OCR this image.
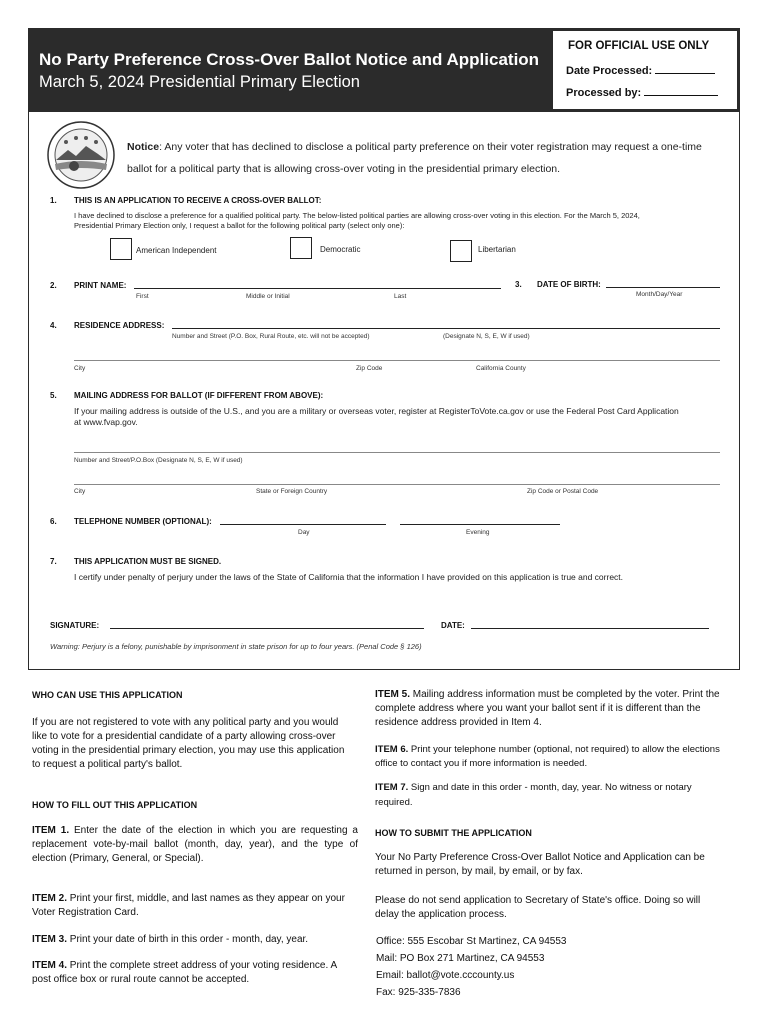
No Party Preference Cross-Over Ballot Notice and Application
March 5, 2024 Presidential Primary Election
FOR OFFICIAL USE ONLY
Date Processed:
Processed by:
Notice: Any voter that has declined to disclose a political party preference on their voter registration may request a one-time ballot for a political party that is allowing cross-over voting in the presidential primary election.
1. THIS IS AN APPLICATION TO RECEIVE A CROSS-OVER BALLOT:
I have declined to disclose a preference for a qualified political party. The below-listed political parties are allowing cross-over voting in this election. For the March 5, 2024, Presidential Primary Election only, I request a ballot for the following political party (select only one):
American Independent	Democratic	Libertarian
2. PRINT NAME:
First	Middle or Initial	Last
3. DATE OF BIRTH:
Month/Day/Year
4. RESIDENCE ADDRESS:
Number and Street (P.O. Box, Rural Route, etc. will not be accepted)	(Designate N, S, E, W if used)
City	Zip Code	California County
5. MAILING ADDRESS FOR BALLOT (IF DIFFERENT FROM ABOVE):
If your mailing address is outside of the U.S., and you are a military or overseas voter, register at RegisterToVote.ca.gov or use the Federal Post Card Application at www.fvap.gov.
Number and Street/P.O.Box (Designate N, S, E, W if used)
City	State or Foreign Country	Zip Code or Postal Code
6. TELEPHONE NUMBER (OPTIONAL):
Day	Evening
7. THIS APPLICATION MUST BE SIGNED.
I certify under penalty of perjury under the laws of the State of California that the information I have provided on this application is true and correct.
SIGNATURE:	DATE:
Warning: Perjury is a felony, punishable by imprisonment in state prison for up to four years. (Penal Code § 126)
WHO CAN USE THIS APPLICATION
If you are not registered to vote with any political party and you would like to vote for a presidential candidate of a party allowing cross-over voting in the presidential primary election, you may use this application to request a political party's ballot.
HOW TO FILL OUT THIS APPLICATION
ITEM 1. Enter the date of the election in which you are requesting a replacement vote-by-mail ballot (month, day, year), and the type of election (Primary, General, or Special).
ITEM 2. Print your first, middle, and last names as they appear on your Voter Registration Card.
ITEM 3. Print your date of birth in this order - month, day, year.
ITEM 4. Print the complete street address of your voting residence. A post office box or rural route cannot be accepted.
ITEM 5. Mailing address information must be completed by the voter. Print the complete address where you want your ballot sent if it is different than the residence address provided in Item 4.
ITEM 6. Print your telephone number (optional, not required) to allow the elections office to contact you if more information is needed.
ITEM 7. Sign and date in this order - month, day, year. No witness or notary required.
HOW TO SUBMIT THE APPLICATION
Your No Party Preference Cross-Over Ballot Notice and Application can be returned in person, by mail, by email, or by fax.
Please do not send application to Secretary of State's office. Doing so will delay the application process.
Office: 555 Escobar St Martinez, CA 94553
Mail: PO Box 271 Martinez, CA 94553
Email: ballot@vote.cccounty.us
Fax: 925-335-7836
